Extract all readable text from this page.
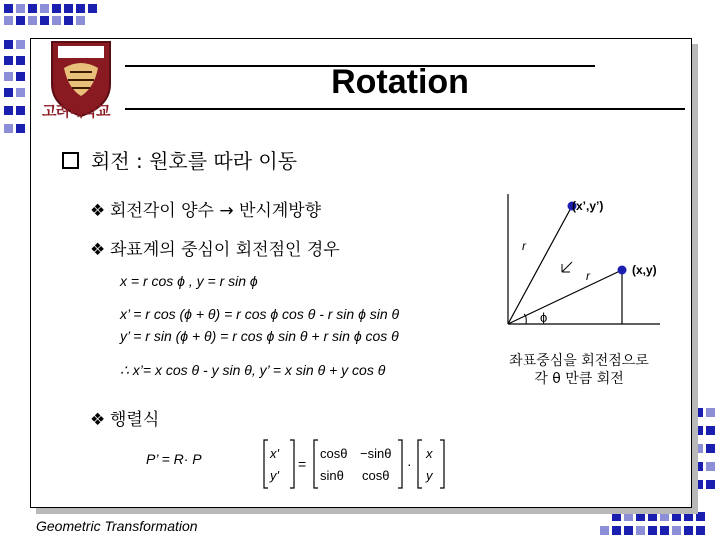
고려대학교
Rotation
회전 : 원호를 따라 이동
❖ 회전각이 양수 → 반시계방향
❖ 좌표계의 중심이 회전점인 경우
x = r cos ϕ , y = r sin ϕ
x’ = r cos (ϕ + θ) = r cos ϕ cos θ - r sin ϕ sin θ
y’ = r sin (ϕ + θ) = r cos ϕ sin θ + r sin ϕ cos θ
∴ x’= x cos θ - y sin θ, y’ = x sin θ + y cos θ
❖ 행렬식
P’ = R· P	x'
y'
=
cosθ −sinθ
sinθ cosθ
·
x
y
(x’,y’)
(x,y)
r
r
ϕ
좌표중심을 회전점으로
각 θ 만큼 회전
Geometric Transformation
